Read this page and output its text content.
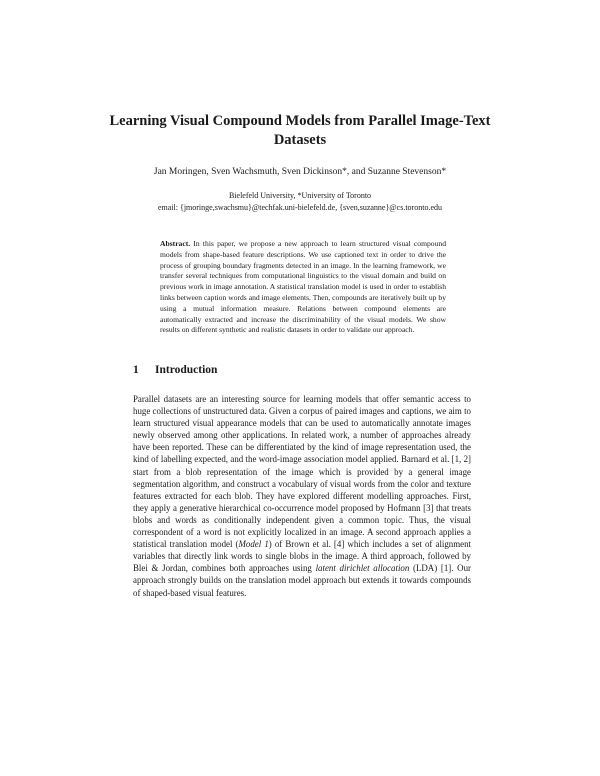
Learning Visual Compound Models from Parallel Image-Text Datasets
Jan Moringen, Sven Wachsmuth, Sven Dickinson*, and Suzanne Stevenson*
Bielefeld University, *University of Toronto
email: {jmoringe,swachsmu}@techfak.uni-bielefeld.de, {sven,suzanne}@cs.toronto.edu
Abstract. In this paper, we propose a new approach to learn structured visual compound models from shape-based feature descriptions. We use captioned text in order to drive the process of grouping boundary fragments detected in an image. In the learning framework, we transfer several techniques from computational linguistics to the visual domain and build on previous work in image annotation. A statistical translation model is used in order to establish links between caption words and image elements. Then, compounds are iteratively built up by using a mutual information measure. Relations between compound elements are automatically extracted and increase the discriminability of the visual models. We show results on different synthetic and realistic datasets in order to validate our approach.
1 Introduction
Parallel datasets are an interesting source for learning models that offer semantic access to huge collections of unstructured data. Given a corpus of paired images and captions, we aim to learn structured visual appearance models that can be used to automatically annotate images newly observed among other applications. In related work, a number of approaches already have been reported. These can be differentiated by the kind of image representation used, the kind of labelling expected, and the word-image association model applied. Barnard et al. [1, 2] start from a blob representation of the image which is provided by a general image segmentation algorithm, and construct a vocabulary of visual words from the color and texture features extracted for each blob. They have explored different modelling approaches. First, they apply a generative hierarchical co-occurrence model proposed by Hofmann [3] that treats blobs and words as conditionally independent given a common topic. Thus, the visual correspondent of a word is not explicitly localized in an image. A second approach applies a statistical translation model (Model 1) of Brown et al. [4] which includes a set of alignment variables that directly link words to single blobs in the image. A third approach, followed by Blei & Jordan, combines both approaches using latent dirichlet allocation (LDA) [1]. Our approach strongly builds on the translation model approach but extends it towards compounds of shaped-based visual features.
